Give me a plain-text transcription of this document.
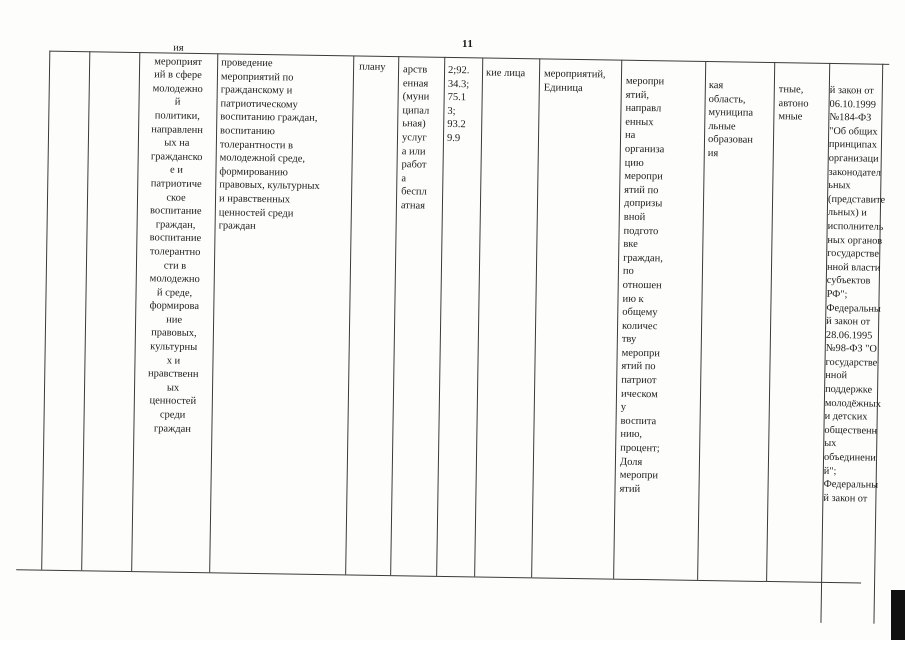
11
ия
мероприят
ий в сфере
молодежно
й
политики,
направленн
ых на
гражданско
е и
патриотиче
ское
воспитание
граждан,
воспитание
толерантно
сти в
молодежно
й среде,
формирова
ние
правовых,
культурны
х и
нравственн
ых
ценностей
среди
граждан
проведение
мероприятий по
гражданскому и
патриотическому
воспитанию граждан,
воспитанию
толерантности в
молодежной среде,
формированию
правовых, культурных
и нравственных
ценностей среди
граждан
плану	арств
енная
(муни
ципал
ьная)
услуг
а или
работ
а
беспл
атная
2;92.
34.3;
75.1
3;
93.2
9.9
кие лица	мероприятий,
Единица
меропри
ятий,
направл
енных
на
организа
цию
меропри
ятий по
допризы
вной
подгото
вке
граждан,
по
отношен
ию к
общему
количес
тву
меропри
ятий по
патриот
ическом
у
воспита
нию,
процент;
Доля
меропри
ятий
кая
область,
муниципа
льные
образован
ия
тные,
автоно
мные
й закон от
06.10.1999
№184-ФЗ
"Об общих
принципах
организаци
законодател
ьных
(представите
льных) и
исполнитель
ных органов
государстве
нной власти
субъектов
РФ";
Федеральны
й закон от
28.06.1995
№98-ФЗ "О
государстве
нной
поддержке
молодёжных
и детских
общественн
ых
объединени
й";
Федеральны
й закон от
